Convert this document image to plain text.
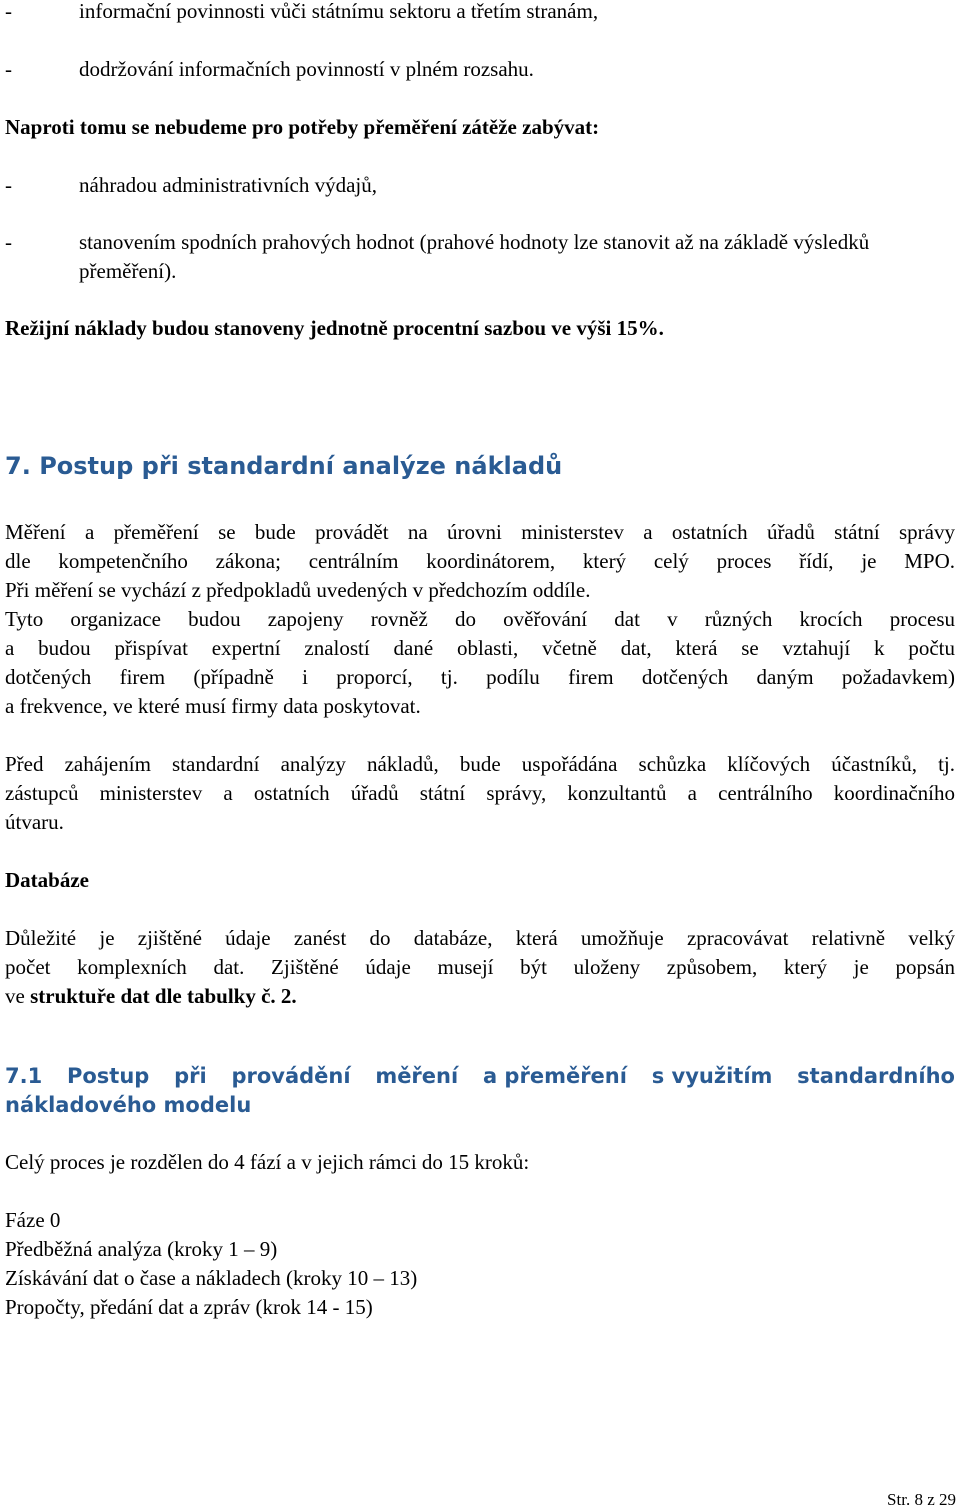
-	informační povinnosti vůči státnímu sektoru a třetím stranám,
-	dodržování informačních povinností v plném rozsahu.
Naproti tomu se nebudeme pro potřeby přeměření zátěže zabývat:
-	náhradou administrativních výdajů,
-	stanovením spodních prahových hodnot (prahové hodnoty lze stanovit až na základě výsledků přeměření).
Režijní náklady budou stanoveny jednotně procentní sazbou ve výši 15%.
7. Postup při standardní analýze nákladů
Měření a přeměření se bude provádět na úrovni ministerstev a ostatních úřadů státní správy
dle kompetenčního zákona; centrálním koordinátorem, který celý proces řídí, je MPO.
Při měření se vychází z předpokladů uvedených v předchozím oddíle.
Tyto organizace budou zapojeny rovněž do ověřování dat v různých krocích procesu
a budou přispívat expertní znalostí dané oblasti, včetně dat, která se vztahují k počtu
dotčených firem (případně i proporcí, tj. podílu firem dotčených daným požadavkem)
a frekvence, ve které musí firmy data poskytovat.
Před zahájením standardní analýzy nákladů, bude uspořádána schůzka klíčových účastníků, tj.
zástupců ministerstev a ostatních úřadů státní správy, konzultantů a centrálního koordinačního
útvaru.
Databáze
Důležité je zjištěné údaje zanést do databáze, která umožňuje zpracovávat relativně velký
počet komplexních dat. Zjištěné údaje musejí být uloženy způsobem, který je popsán
ve struktuře dat dle tabulky č. 2.
7.1 Postup při provádění měření a přeměření s využitím standardního
nákladového modelu
Celý proces je rozdělen do 4 fází a v jejich rámci do 15 kroků:
Fáze 0
Předběžná analýza (kroky 1 – 9)
Získávání dat o čase a nákladech (kroky 10 – 13)
Propočty, předání dat a zpráv (krok 14 - 15)
Str. 8 z 29
